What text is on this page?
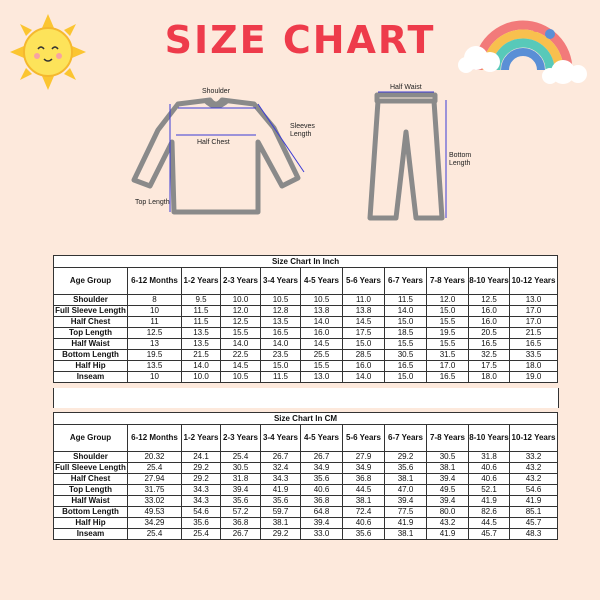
SIZE CHART
Shoulder
Sleeves Length
Half Chest
Top Length
Half Waist
Bottom Length
Size Chart In Inch										
Age Group	6-12 Months	1-2 Years	2-3 Years	3-4 Years	4-5 Years	5-6 Years	6-7 Years	7-8 Years	8-10 Years	10-12 Years
Shoulder	8	9.5	10.0	10.5	10.5	11.0	11.5	12.0	12.5	13.0
Full Sleeve Length	10	11.5	12.0	12.8	13.8	13.8	14.0	15.0	16.0	17.0
Half Chest	11	11.5	12.5	13.5	14.0	14.5	15.0	15.5	16.0	17.0
Top Length	12.5	13.5	15.5	16.5	16.0	17.5	18.5	19.5	20.5	21.5
Half Waist	13	13.5	14.0	14.0	14.5	15.0	15.5	15.5	16.5	16.5
Bottom Length	19.5	21.5	22.5	23.5	25.5	28.5	30.5	31.5	32.5	33.5
Half Hip	13.5	14.0	14.5	15.0	15.5	16.0	16.5	17.0	17.5	18.0
Inseam	10	10.0	10.5	11.5	13.0	14.0	15.0	16.5	18.0	19.0
Size Chart In CM										
Age Group	6-12 Months	1-2 Years	2-3 Years	3-4 Years	4-5 Years	5-6 Years	6-7 Years	7-8 Years	8-10 Years	10-12 Years
Shoulder	20.32	24.1	25.4	26.7	26.7	27.9	29.2	30.5	31.8	33.2
Full Sleeve Length	25.4	29.2	30.5	32.4	34.9	34.9	35.6	38.1	40.6	43.2
Half Chest	27.94	29.2	31.8	34.3	35.6	36.8	38.1	39.4	40.6	43.2
Top Length	31.75	34.3	39.4	41.9	40.6	44.5	47.0	49.5	52.1	54.6
Half Waist	33.02	34.3	35.6	35.6	36.8	38.1	39.4	39.4	41.9	41.9
Bottom Length	49.53	54.6	57.2	59.7	64.8	72.4	77.5	80.0	82.6	85.1
Half Hip	34.29	35.6	36.8	38.1	39.4	40.6	41.9	43.2	44.5	45.7
Inseam	25.4	25.4	26.7	29.2	33.0	35.6	38.1	41.9	45.7	48.3
